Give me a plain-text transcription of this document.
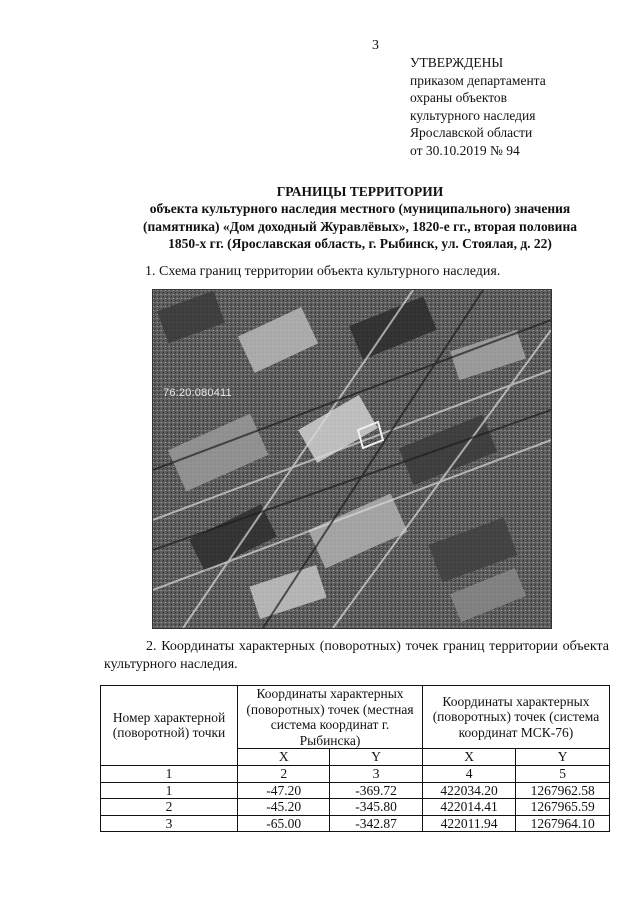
3
УТВЕРЖДЕНЫ
приказом департамента
охраны объектов
культурного наследия
Ярославской области
от 30.10.2019 № 94
ГРАНИЦЫ ТЕРРИТОРИИ
объекта культурного наследия местного (муниципального) значения
(памятника) «Дом доходный Журавлёвых», 1820-е гг., вторая половина
1850-х гг. (Ярославская область, г. Рыбинск, ул. Стоялая, д. 22)
1. Схема границ территории объекта культурного наследия.
76:20:080411
2. Координаты характерных (поворотных) точек границ территории объекта культурного наследия.
Номер характерной (поворотной) точки	Координаты характерных (поворотных) точек (местная система координат г. Рыбинска)		Координаты характерных (поворотных) точек (система координат МСК-76)	
	X	Y	X	Y
1	2	3	4	5
1	-47.20	-369.72	422034.20	1267962.58
2	-45.20	-345.80	422014.41	1267965.59
3	-65.00	-342.87	422011.94	1267964.10
